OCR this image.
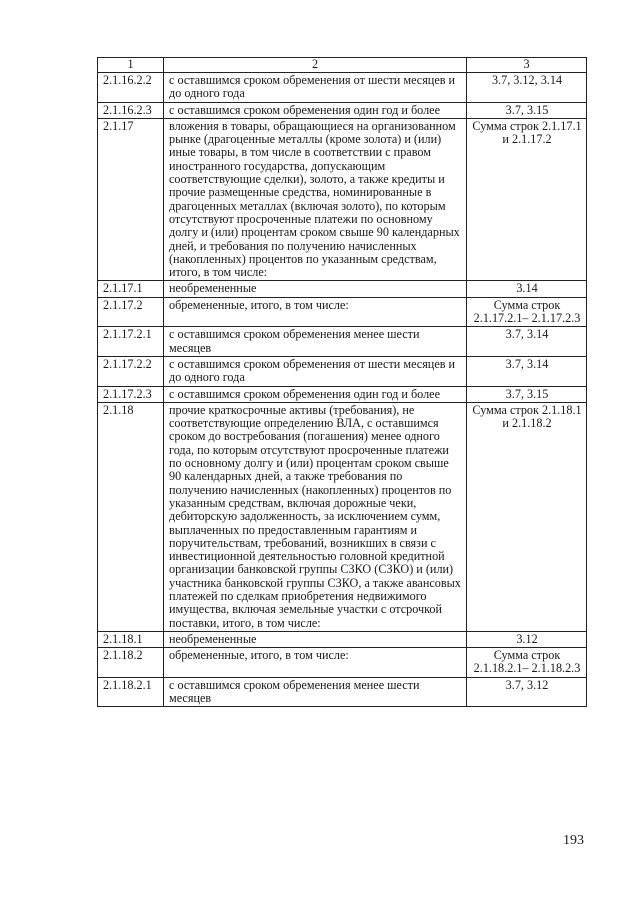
1	2	3
2.1.16.2.2	с оставшимся сроком обременения от шести месяцев и до одного года	3.7, 3.12, 3.14
2.1.16.2.3	с оставшимся сроком обременения один год и более	3.7, 3.15
2.1.17	вложения в товары, обращающиеся на организованном рынке (драгоценные металлы (кроме золота) и (или) иные товары, в том числе в соответствии с правом иностранного государства, допускающим соответствующие сделки), золото, а также кредиты и прочие размещенные средства, номинированные в драгоценных металлах (включая золото), по которым отсутствуют просроченные платежи по основному долгу и (или) процентам сроком свыше 90 календарных дней, и требования по получению начисленных (накопленных) процентов по указанным средствам, итого, в том числе:	Сумма строк 2.1.17.1 и 2.1.17.2
2.1.17.1	необремененные	3.14
2.1.17.2	обремененные, итого, в том числе:	Сумма строк 2.1.17.2.1– 2.1.17.2.3
2.1.17.2.1	с оставшимся сроком обременения менее шести месяцев	3.7, 3.14
2.1.17.2.2	с оставшимся сроком обременения от шести месяцев и до одного года	3.7, 3.14
2.1.17.2.3	с оставшимся сроком обременения один год и более	3.7, 3.15
2.1.18	прочие краткосрочные активы (требования), не соответствующие определению ВЛА, с оставшимся сроком до востребования (погашения) менее одного года, по которым отсутствуют просроченные платежи по основному долгу и (или) процентам сроком свыше 90 календарных дней, а также требования по получению начисленных (накопленных) процентов по указанным средствам, включая дорожные чеки, дебиторскую задолженность, за исключением сумм, выплаченных по предоставленным гарантиям и поручительствам, требований, возникших в связи с инвестиционной деятельностью головной кредитной организации банковской группы СЗКО (СЗКО) и (или) участника банковской группы СЗКО, а также авансовых платежей по сделкам приобретения недвижимого имущества, включая земельные участки с отсрочкой поставки, итого, в том числе:	Сумма строк 2.1.18.1 и 2.1.18.2
2.1.18.1	необремененные	3.12
2.1.18.2	обремененные, итого, в том числе:	Сумма строк 2.1.18.2.1– 2.1.18.2.3
2.1.18.2.1	с оставшимся сроком обременения менее шести месяцев	3.7, 3.12
193
